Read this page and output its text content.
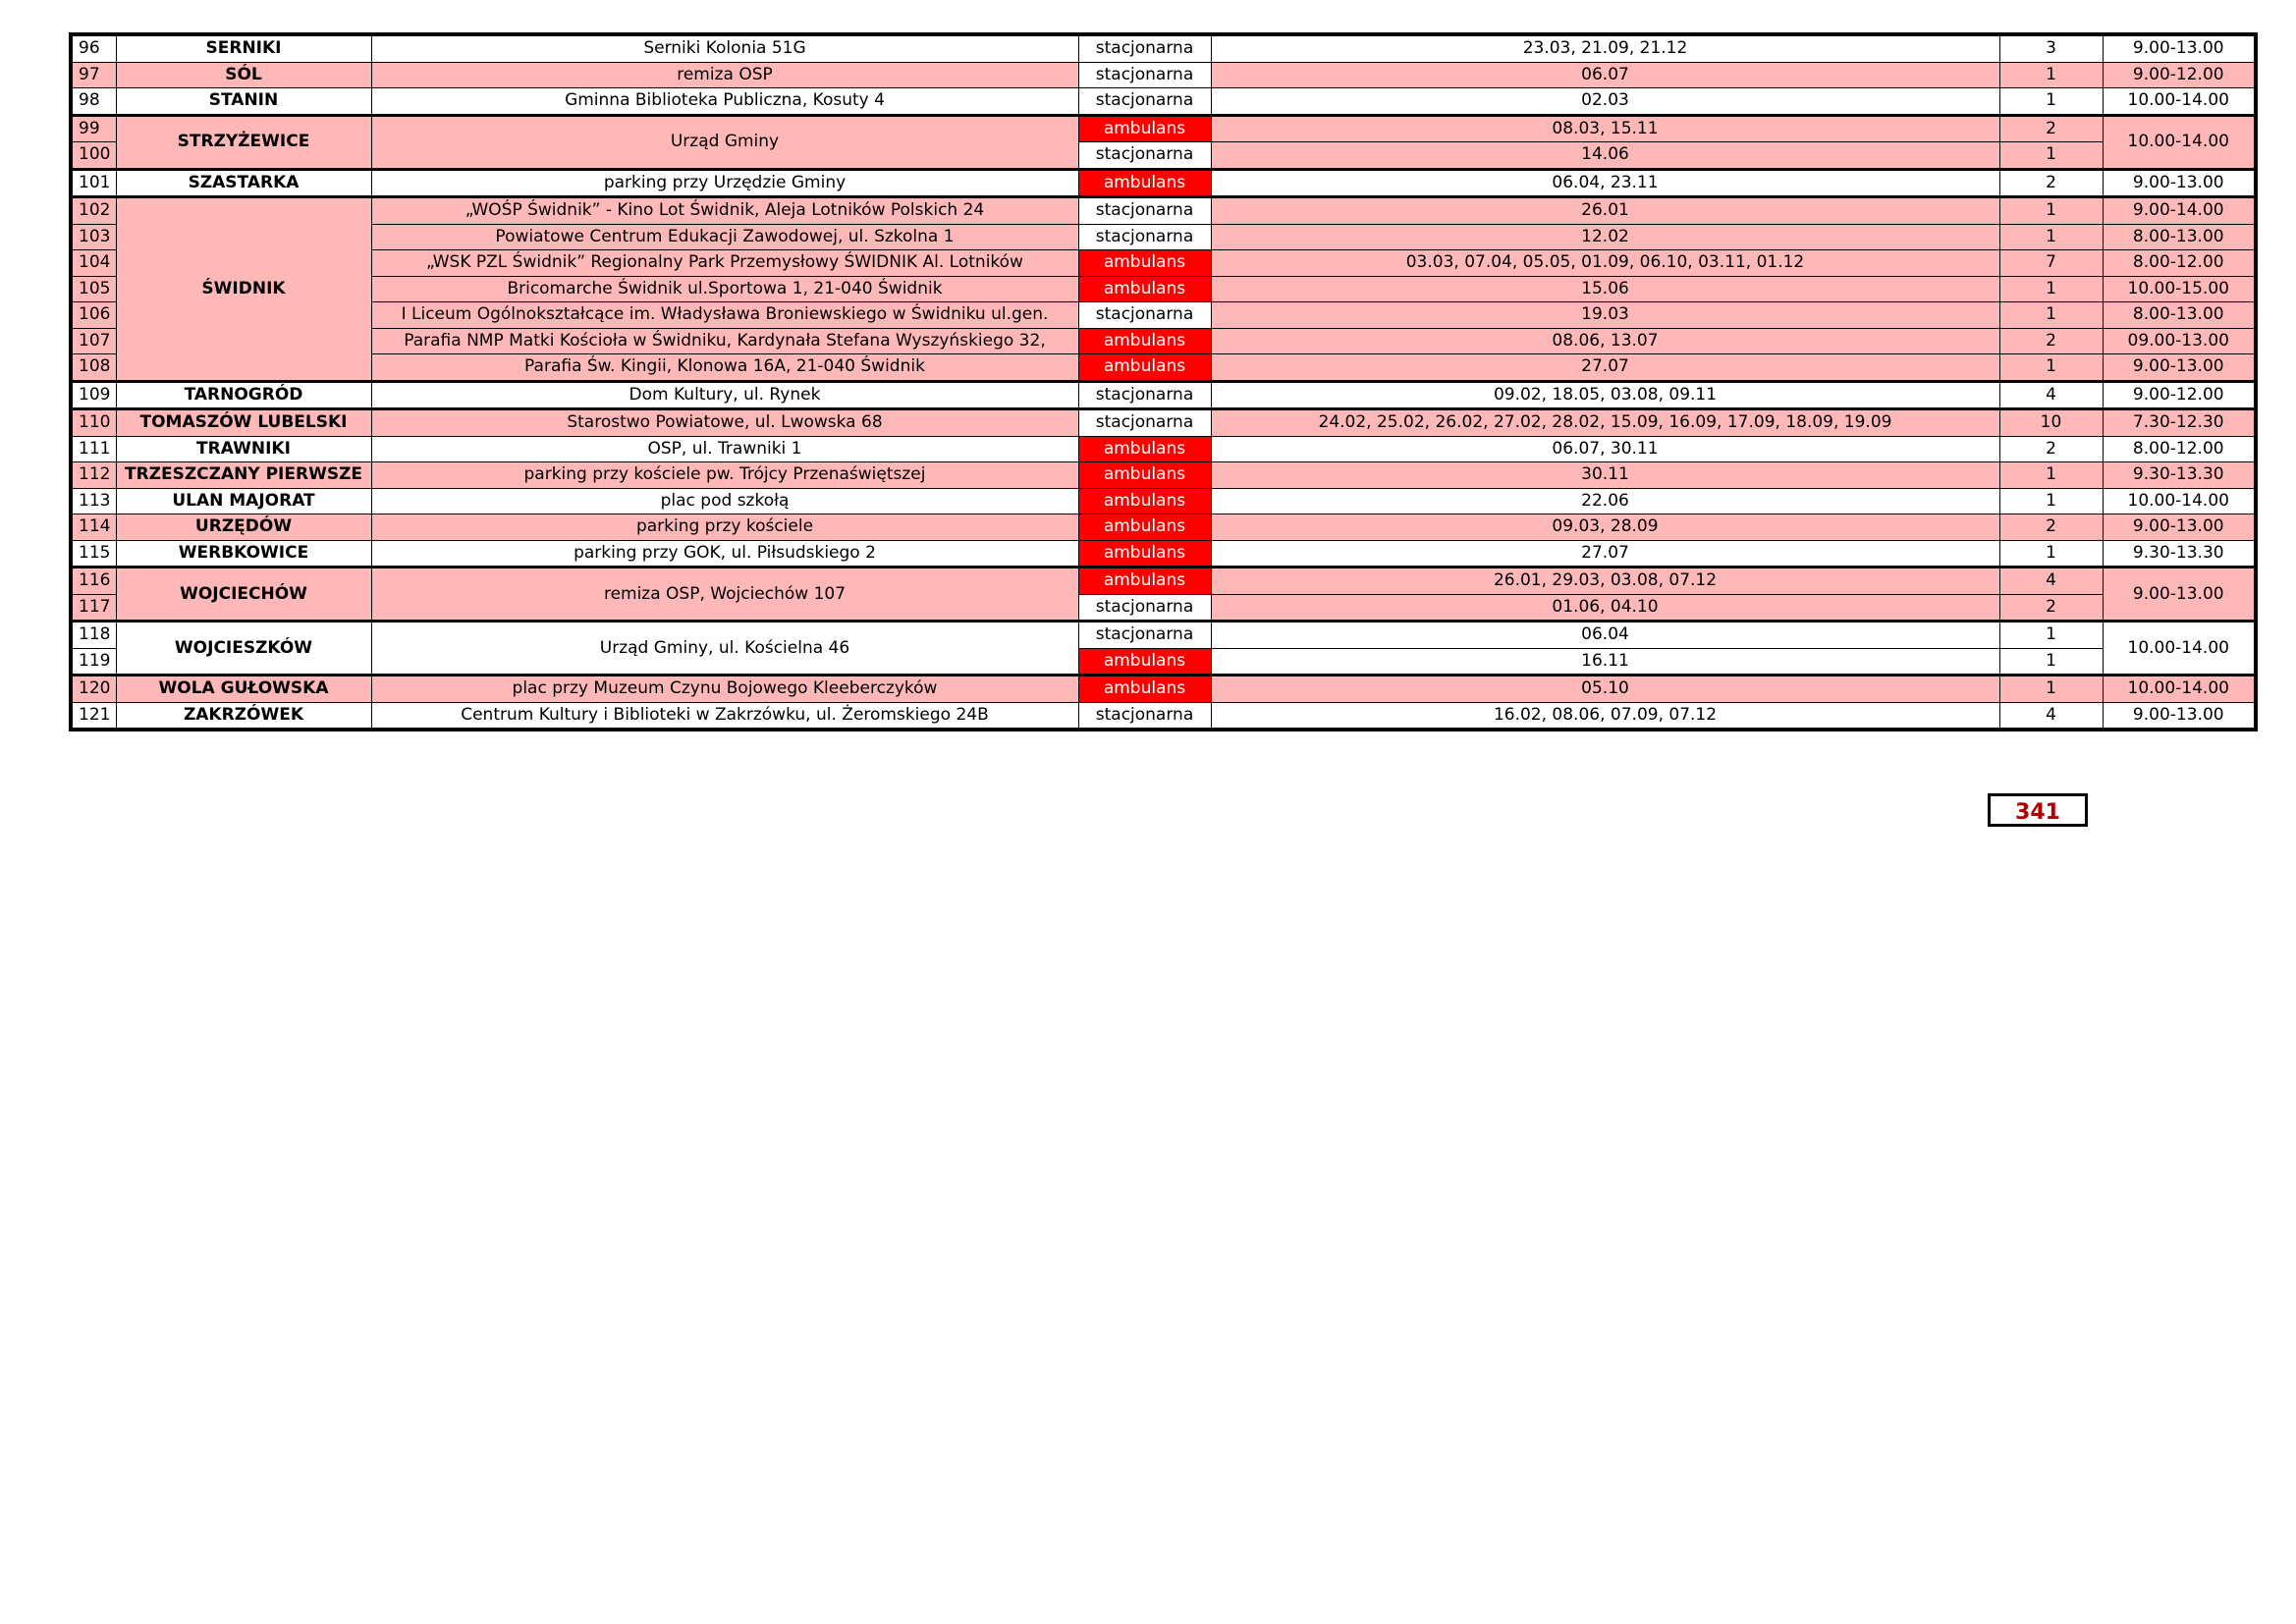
96	SERNIKI	Serniki Kolonia 51G	stacjonarna	23.03, 21.09, 21.12	3	9.00-13.00
97	SÓL	remiza OSP	stacjonarna	06.07	1	9.00-12.00
98	STANIN	Gminna Biblioteka Publiczna, Kosuty 4	stacjonarna	02.03	1	10.00-14.00
99	STRZYŻEWICE	Urząd Gminy	ambulans	08.03, 15.11	2	10.00-14.00
100			stacjonarna	14.06	1	
101	SZASTARKA	parking przy Urzędzie Gminy	ambulans	06.04, 23.11	2	9.00-13.00
102	ŚWIDNIK	„WOŚP Świdnik” - Kino Lot Świdnik, Aleja Lotników Polskich 24	stacjonarna	26.01	1	9.00-14.00
103		Powiatowe Centrum Edukacji Zawodowej, ul. Szkolna 1	stacjonarna	12.02	1	8.00-13.00
104		„WSK PZL Świdnik” Regionalny Park Przemysłowy ŚWIDNIK Al. Lotników	ambulans	03.03, 07.04, 05.05, 01.09, 06.10, 03.11, 01.12	7	8.00-12.00
105		Bricomarche Świdnik ul.Sportowa 1, 21-040 Świdnik	ambulans	15.06	1	10.00-15.00
106		I Liceum Ogólnokształcące im. Władysława Broniewskiego w Świdniku ul.gen.	stacjonarna	19.03	1	8.00-13.00
107		Parafia NMP Matki Kościoła w Świdniku, Kardynała Stefana Wyszyńskiego 32,	ambulans	08.06, 13.07	2	09.00-13.00
108		Parafia Św. Kingii, Klonowa 16A, 21-040 Świdnik	ambulans	27.07	1	9.00-13.00
109	TARNOGRÓD	Dom Kultury, ul. Rynek	stacjonarna	09.02, 18.05, 03.08, 09.11	4	9.00-12.00
110	TOMASZÓW LUBELSKI	Starostwo Powiatowe, ul. Lwowska 68	stacjonarna	24.02, 25.02, 26.02, 27.02, 28.02, 15.09, 16.09, 17.09, 18.09, 19.09	10	7.30-12.30
111	TRAWNIKI	OSP, ul. Trawniki 1	ambulans	06.07, 30.11	2	8.00-12.00
112	TRZESZCZANY PIERWSZE	parking przy kościele pw. Trójcy Przenaświętszej	ambulans	30.11	1	9.30-13.30
113	ULAN MAJORAT	plac pod szkołą	ambulans	22.06	1	10.00-14.00
114	URZĘDÓW	parking przy kościele	ambulans	09.03, 28.09	2	9.00-13.00
115	WERBKOWICE	parking przy GOK, ul. Piłsudskiego 2	ambulans	27.07	1	9.30-13.30
116	WOJCIECHÓW	remiza OSP, Wojciechów 107	ambulans	26.01, 29.03, 03.08, 07.12	4	9.00-13.00
117			stacjonarna	01.06, 04.10	2	
118	WOJCIESZKÓW	Urząd Gminy, ul. Kościelna 46	stacjonarna	06.04	1	10.00-14.00
119			ambulans	16.11	1	
120	WOLA GUŁOWSKA	plac przy Muzeum Czynu Bojowego Kleeberczyków	ambulans	05.10	1	10.00-14.00
121	ZAKRZÓWEK	Centrum Kultury i Biblioteki w Zakrzówku, ul. Żeromskiego 24B	stacjonarna	16.02, 08.06, 07.09, 07.12	4	9.00-13.00
341
